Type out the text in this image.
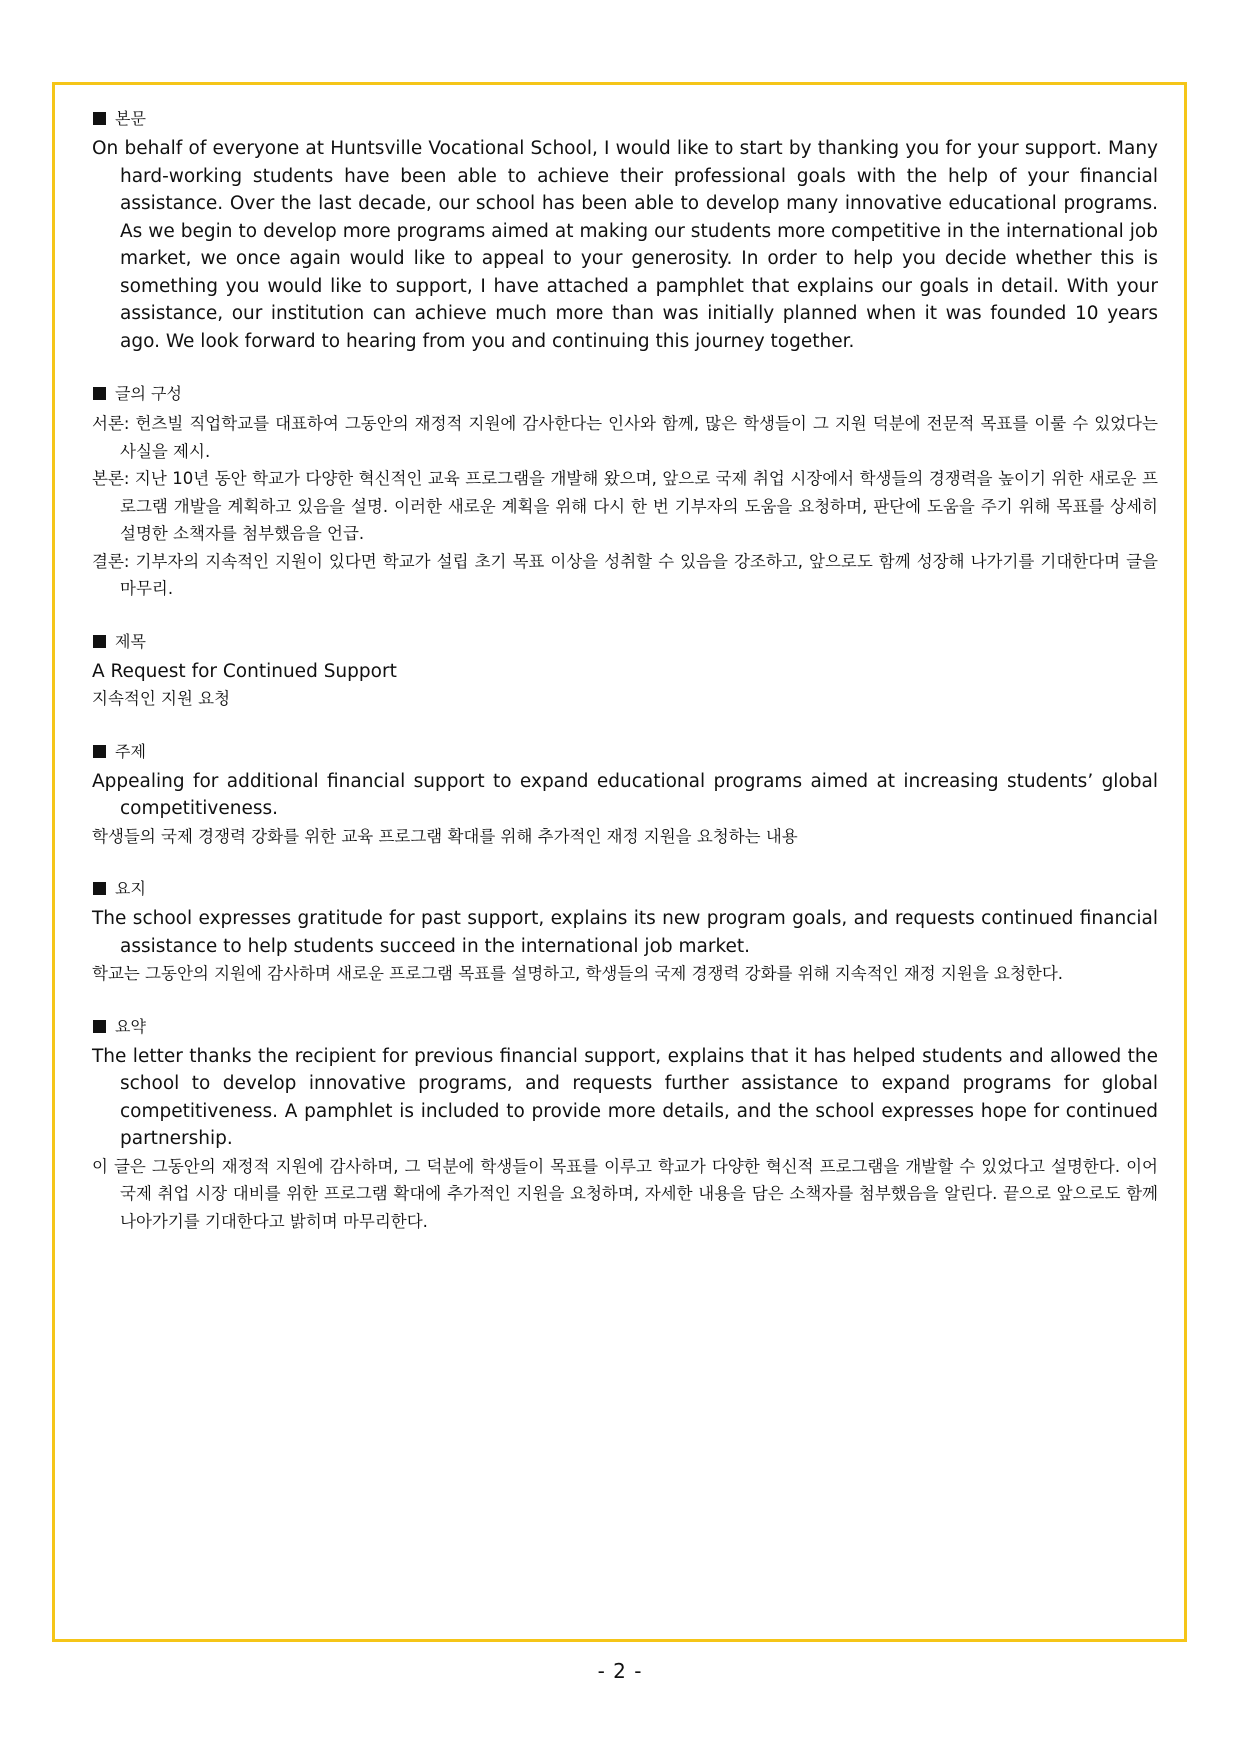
본문

On behalf of everyone at Huntsville Vocational School, I would like to start by thanking you for your support. Many hard-working students have been able to achieve their professional goals with the help of your financial assistance. Over the last decade, our school has been able to develop many innovative educational programs. As we begin to develop more programs aimed at making our students more competitive in the international job market, we once again would like to appeal to your generosity. In order to help you decide whether this is something you would like to support, I have attached a pamphlet that explains our goals in detail. With your assistance, our institution can achieve much more than was initially planned when it was founded 10 years ago. We look forward to hearing from you and continuing this journey together.

글의 구성

서론: 헌츠빌 직업학교를 대표하여 그동안의 재정적 지원에 감사한다는 인사와 함께, 많은 학생들이 그 지원 덕분에 전문적 목표를 이룰 수 있었다는 사실을 제시.

본론: 지난 10년 동안 학교가 다양한 혁신적인 교육 프로그램을 개발해 왔으며, 앞으로 국제 취업 시장에서 학생들의 경쟁력을 높이기 위한 새로운 프로그램 개발을 계획하고 있음을 설명. 이러한 새로운 계획을 위해 다시 한 번 기부자의 도움을 요청하며, 판단에 도움을 주기 위해 목표를 상세히 설명한 소책자를 첨부했음을 언급.

결론: 기부자의 지속적인 지원이 있다면 학교가 설립 초기 목표 이상을 성취할 수 있음을 강조하고, 앞으로도 함께 성장해 나가기를 기대한다며 글을 마무리.

제목

A Request for Continued Support

지속적인 지원 요청

주제

Appealing for additional financial support to expand educational programs aimed at increasing students’ global competitiveness.

학생들의 국제 경쟁력 강화를 위한 교육 프로그램 확대를 위해 추가적인 재정 지원을 요청하는 내용

요지

The school expresses gratitude for past support, explains its new program goals, and requests continued financial assistance to help students succeed in the international job market.

학교는 그동안의 지원에 감사하며 새로운 프로그램 목표를 설명하고, 학생들의 국제 경쟁력 강화를 위해 지속적인 재정 지원을 요청한다.

요약

The letter thanks the recipient for previous financial support, explains that it has helped students and allowed the school to develop innovative programs, and requests further assistance to expand programs for global competitiveness. A pamphlet is included to provide more details, and the school expresses hope for continued partnership.

이 글은 그동안의 재정적 지원에 감사하며, 그 덕분에 학생들이 목표를 이루고 학교가 다양한 혁신적 프로그램을 개발할 수 있었다고 설명한다. 이어 국제 취업 시장 대비를 위한 프로그램 확대에 추가적인 지원을 요청하며, 자세한 내용을 담은 소책자를 첨부했음을 알린다. 끝으로 앞으로도 함께 나아가기를 기대한다고 밝히며 마무리한다.

- 2 -
